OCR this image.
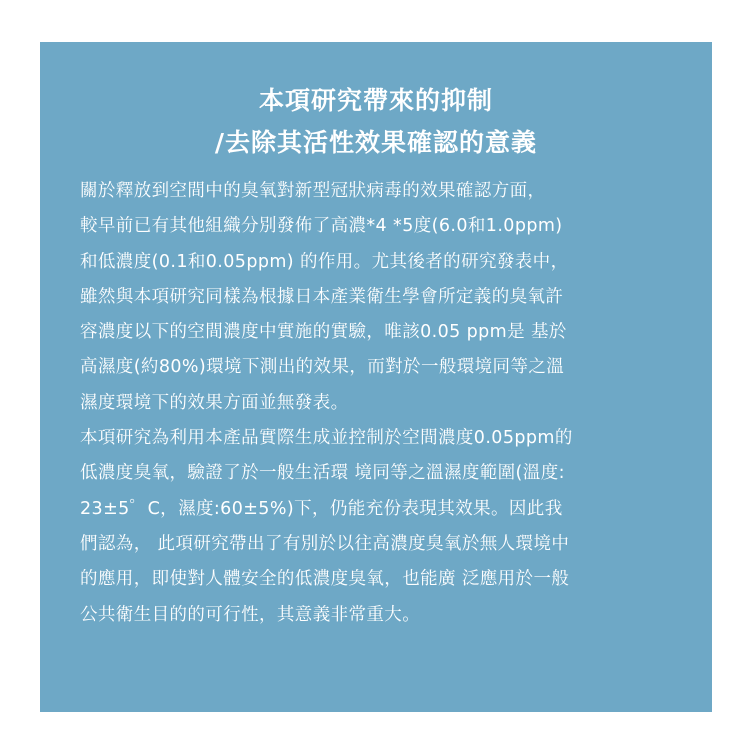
本項研究帶來的抑制
/去除其活性效果確認的意義
關於釋放到空間中的臭氧對新型冠狀病毒的效果確認方面，
較早前已有其他組織分別發佈了高濃*4 *5度(6.0和1.0ppm)
和低濃度(0.1和0.05ppm) 的作用。尤其後者的研究發表中，
雖然與本項研究同樣為根據日本產業衛生學會所定義的臭氧許
容濃度以下的空間濃度中實施的實驗，唯該0.05 ppm是 基於
高濕度(約80%)環境下測出的效果，而對於一般環境同等之溫
濕度環境下的效果方面並無發表。
本項研究為利用本產品實際生成並控制於空間濃度0.05ppm的
低濃度臭氧，驗證了於一般生活環 境同等之溫濕度範圍(溫度:
23±5゜C，濕度:60±5%)下，仍能充份表現其效果。因此我
們認為， 此項研究帶出了有別於以往高濃度臭氧於無人環境中
的應用，即使對人體安全的低濃度臭氧，也能廣 泛應用於一般
公共衛生目的的可行性，其意義非常重大。
